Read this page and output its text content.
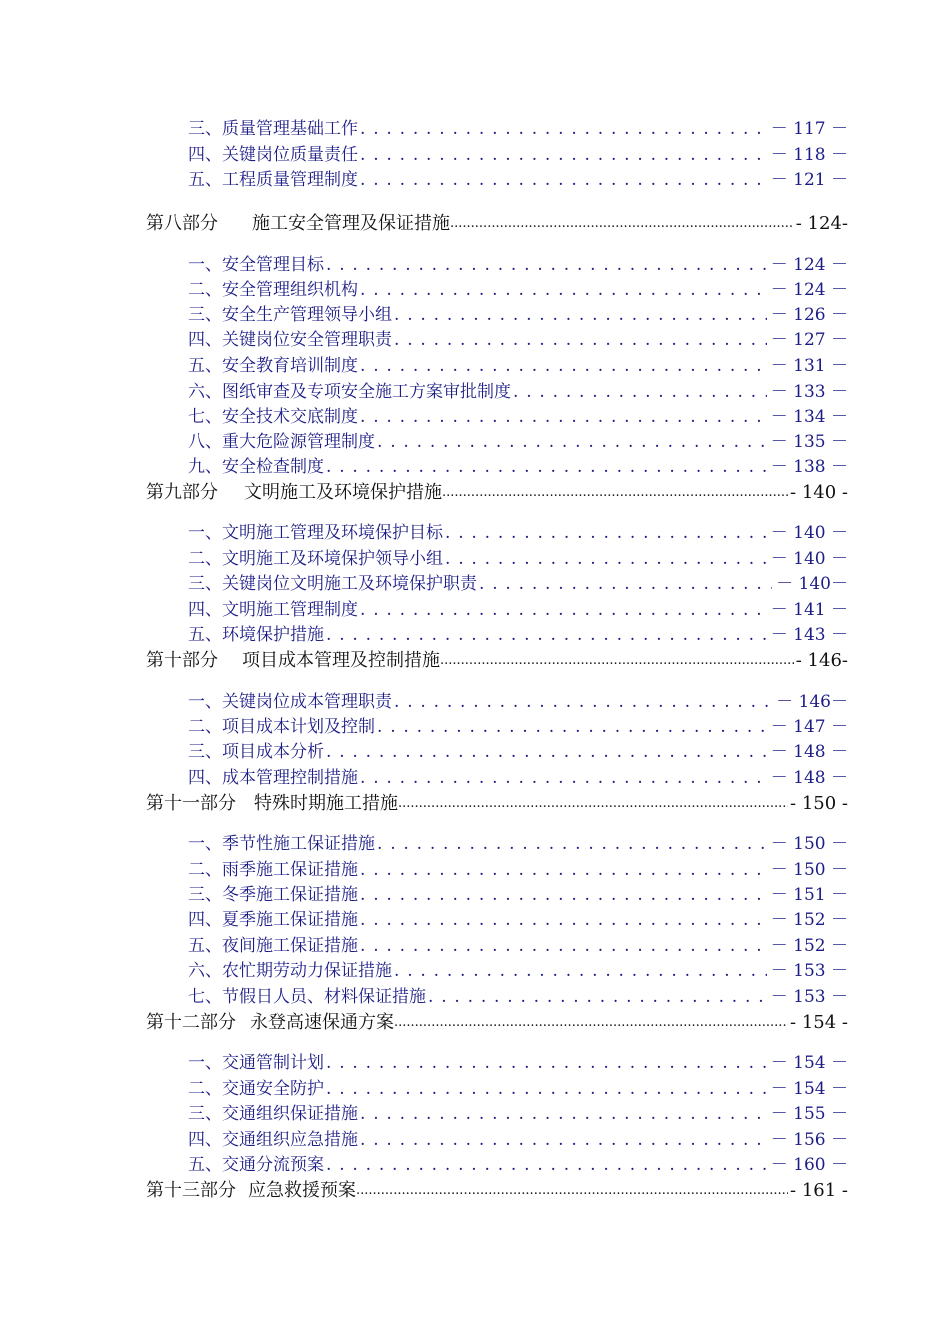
三、质量管理基础工作 . . .	－ 117 －
四、关键岗位质量责任 . . .	－ 118 －
五、工程质量管理制度 . . .	－ 121 －
第八部分 施工安全管理及保证措施 .....	- 124-
一、安全管理目标 . . .	－ 124 －
二、安全管理组织机构 . . .	－ 124 －
三、安全生产管理领导小组 . . .	－ 126 －
四、关键岗位安全管理职责 . . .	－ 127 －
五、安全教育培训制度 . . .	－ 131 －
六、图纸审查及专项安全施工方案审批制度 . . .	－ 133 －
七、安全技术交底制度 . . .	－ 134 －
八、重大危险源管理制度 . . .	－ 135 －
九、安全检查制度 . . .	－ 138 －
第九部分 文明施工及环境保护措施 .....	- 140 -
一、文明施工管理及环境保护目标 . . .	－ 140 －
二、文明施工及环境保护领导小组 . . .	－ 140 －
三、关键岗位文明施工及环境保护职责 . . .	－ 140－
四、文明施工管理制度 . . .	－ 141 －
五、环境保护措施 . . .	－ 143 －
第十部分 项目成本管理及控制措施 .....	- 146-
一、关键岗位成本管理职责 . . .	－ 146－
二、项目成本计划及控制 . . .	－ 147 －
三、项目成本分析 . . .	－ 148 －
四、成本管理控制措施 . . .	－ 148 －
第十一部分 特殊时期施工措施 .....	- 150 -
一、季节性施工保证措施 . . .	－ 150 －
二、雨季施工保证措施 . . .	－ 150 －
三、冬季施工保证措施 . . .	－ 151 －
四、夏季施工保证措施 . . .	－ 152 －
五、夜间施工保证措施 . . .	－ 152 －
六、农忙期劳动力保证措施 . . .	－ 153 －
七、节假日人员、材料保证措施 . . .	－ 153 －
第十二部分 永登高速保通方案 .....	- 154 -
一、交通管制计划 . . .	－ 154 －
二、交通安全防护 . . .	－ 154 －
三、交通组织保证措施 . . .	－ 155 －
四、交通组织应急措施 . . .	－ 156 －
五、交通分流预案 . . .	－ 160 －
第十三部分 应急救援预案 .....	- 161 -
